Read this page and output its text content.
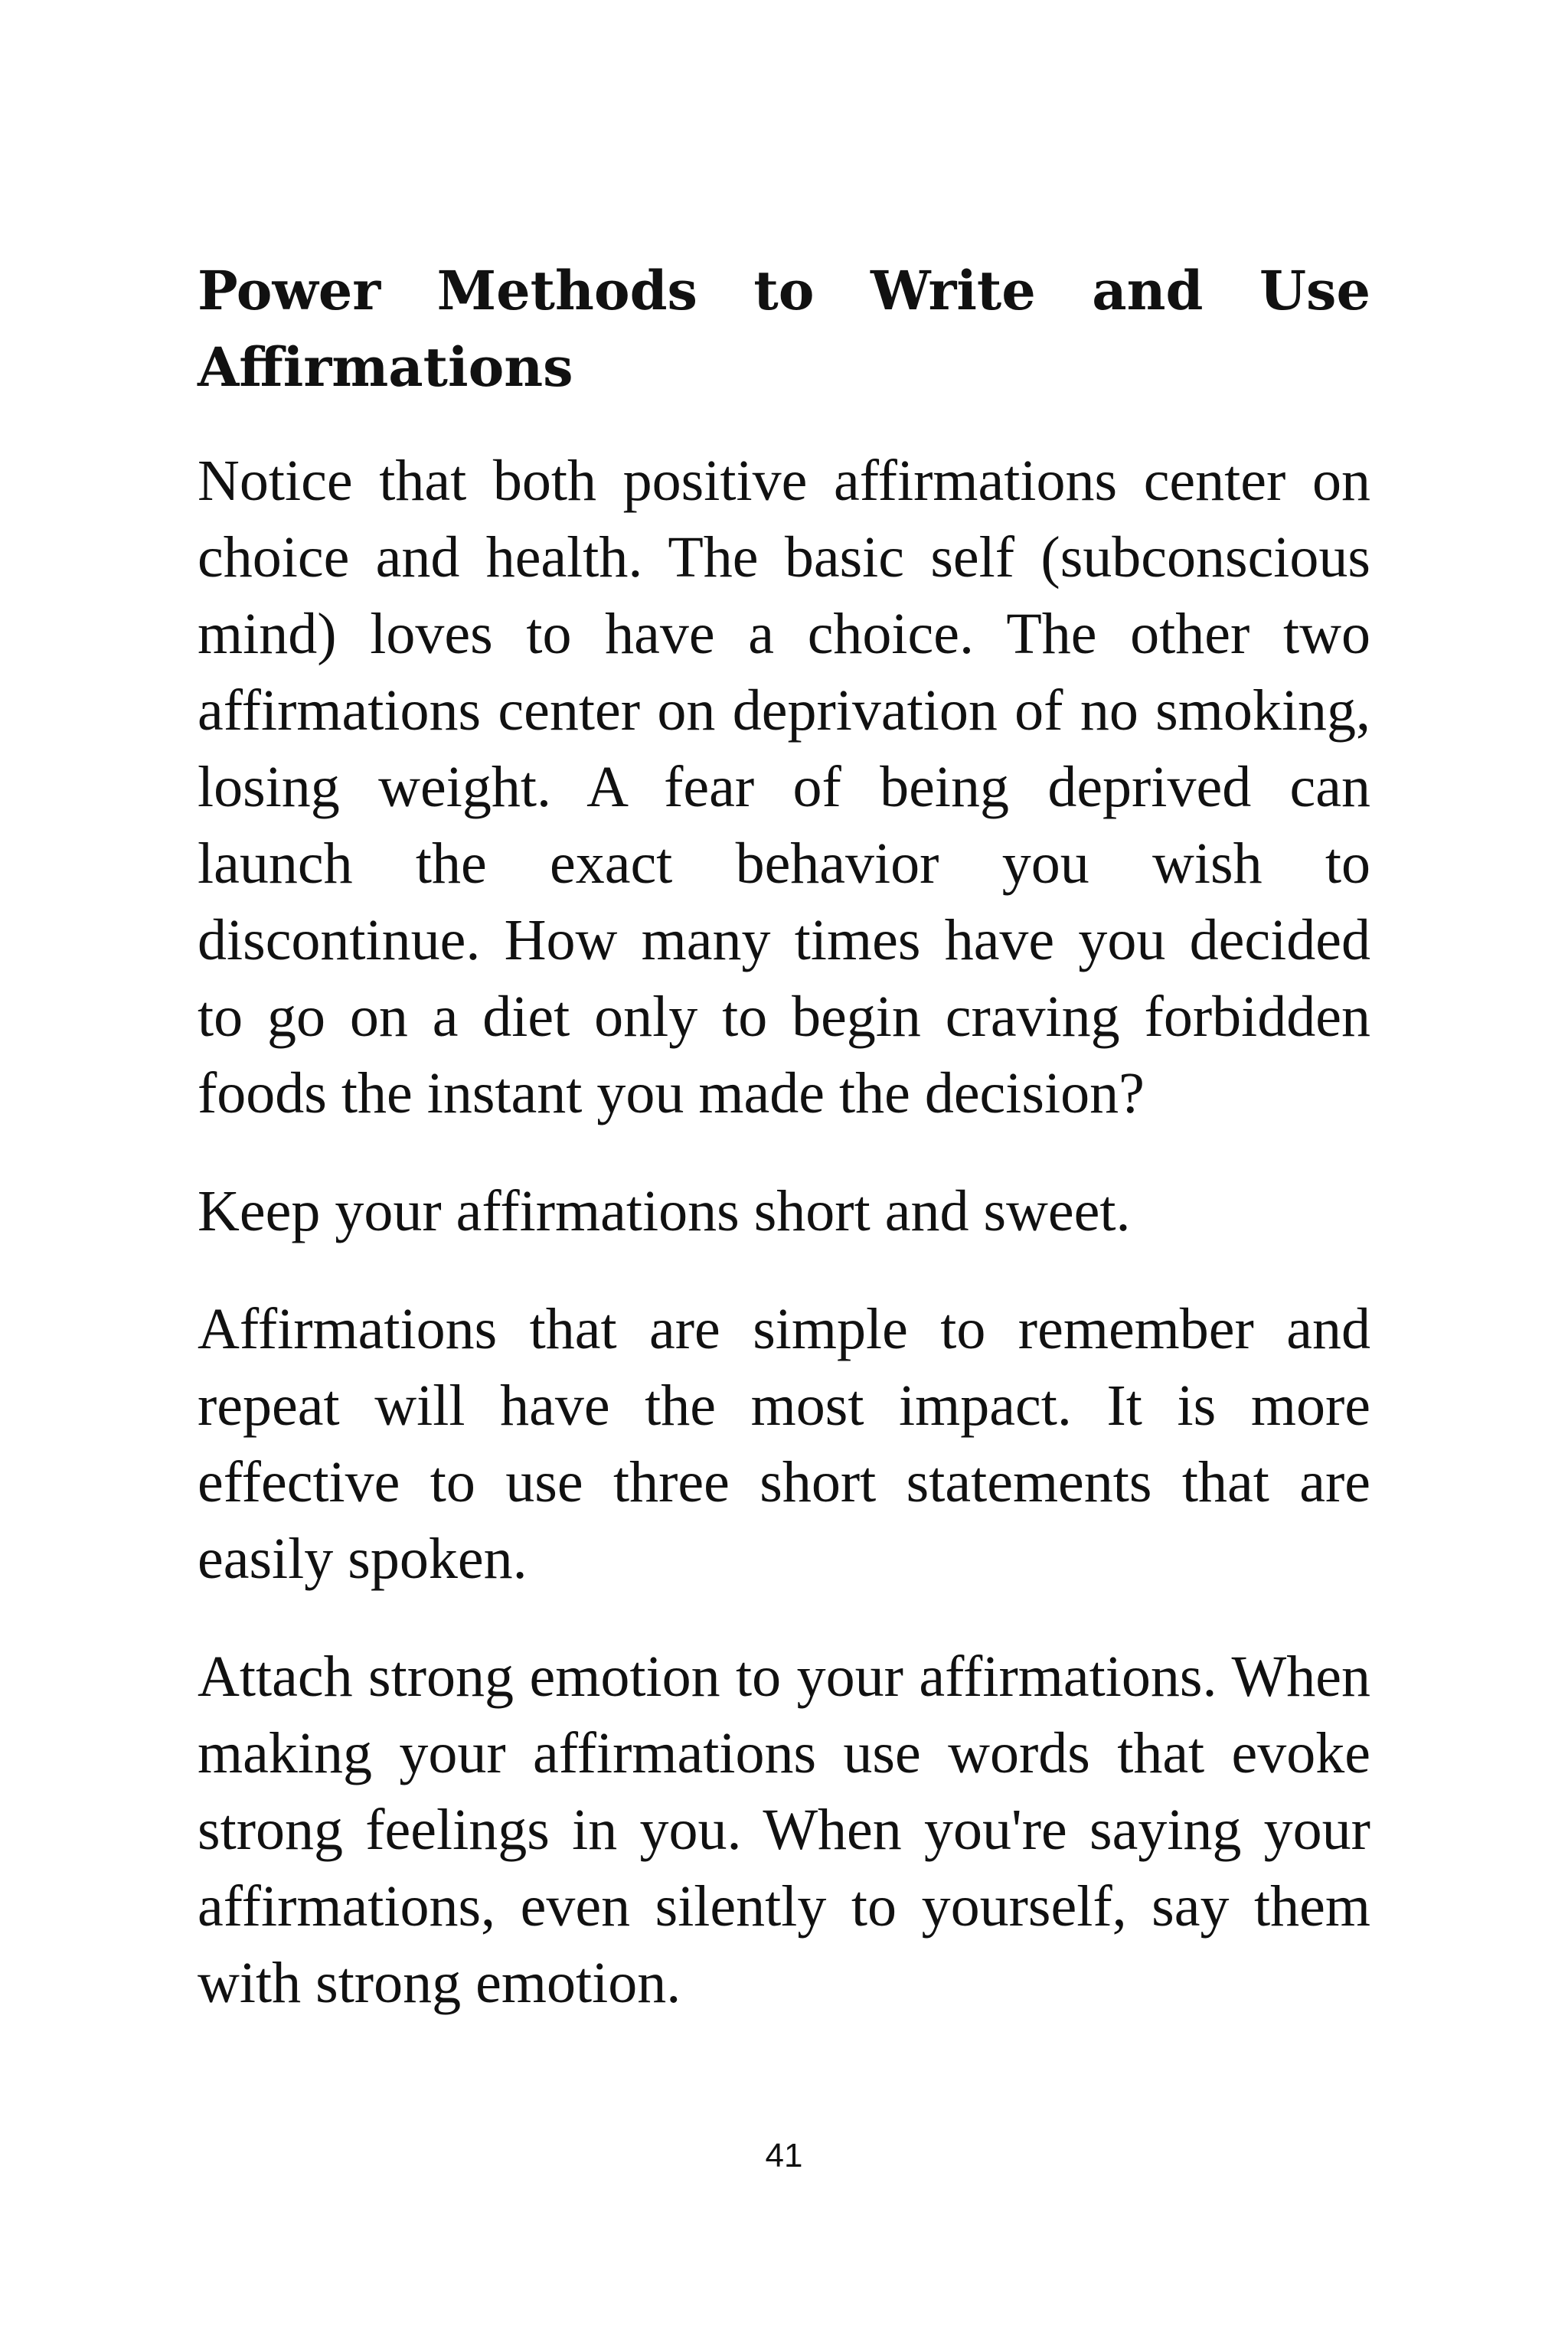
Power Methods to Write and Use Affirmations

Notice that both positive affirmations center on choice and health. The basic self (subconscious mind) loves to have a choice. The other two affirmations center on deprivation of no smoking, losing weight. A fear of being deprived can launch the exact behavior you wish to discontinue. How many times have you decided to go on a diet only to begin craving forbidden foods the instant you made the decision?

Keep your affirmations short and sweet.

Affirmations that are simple to remember and repeat will have the most impact. It is more effective to use three short statements that are easily spoken.

Attach strong emotion to your affirmations. When making your affirmations use words that evoke strong feelings in you. When you're saying your affirmations, even silently to yourself, say them with strong emotion.

41
